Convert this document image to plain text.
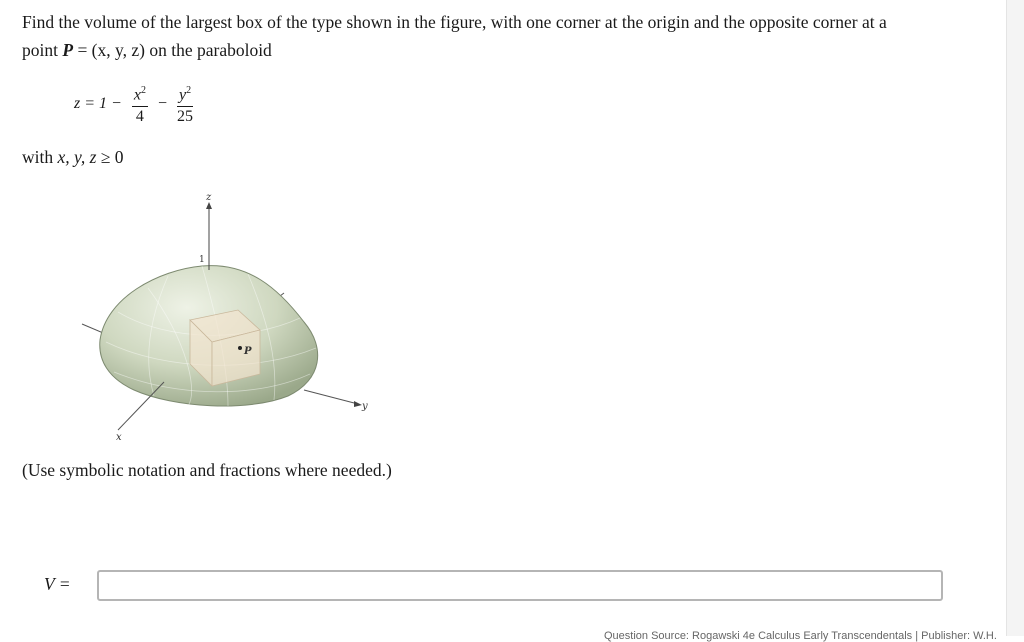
Find the volume of the largest box of the type shown in the figure, with one corner at the origin and the opposite corner at a
point P = (x, y, z) on the paraboloid
$z = 1 - \frac{x^2}{4} - \frac{y^2}{25}$
with x, y, z ≥ 0
z
x
y
1
P
(Use symbolic notation and fractions where needed.)
V =
Question Source: Rogawski 4e Calculus Early Transcendentals | Publisher: W.H.
